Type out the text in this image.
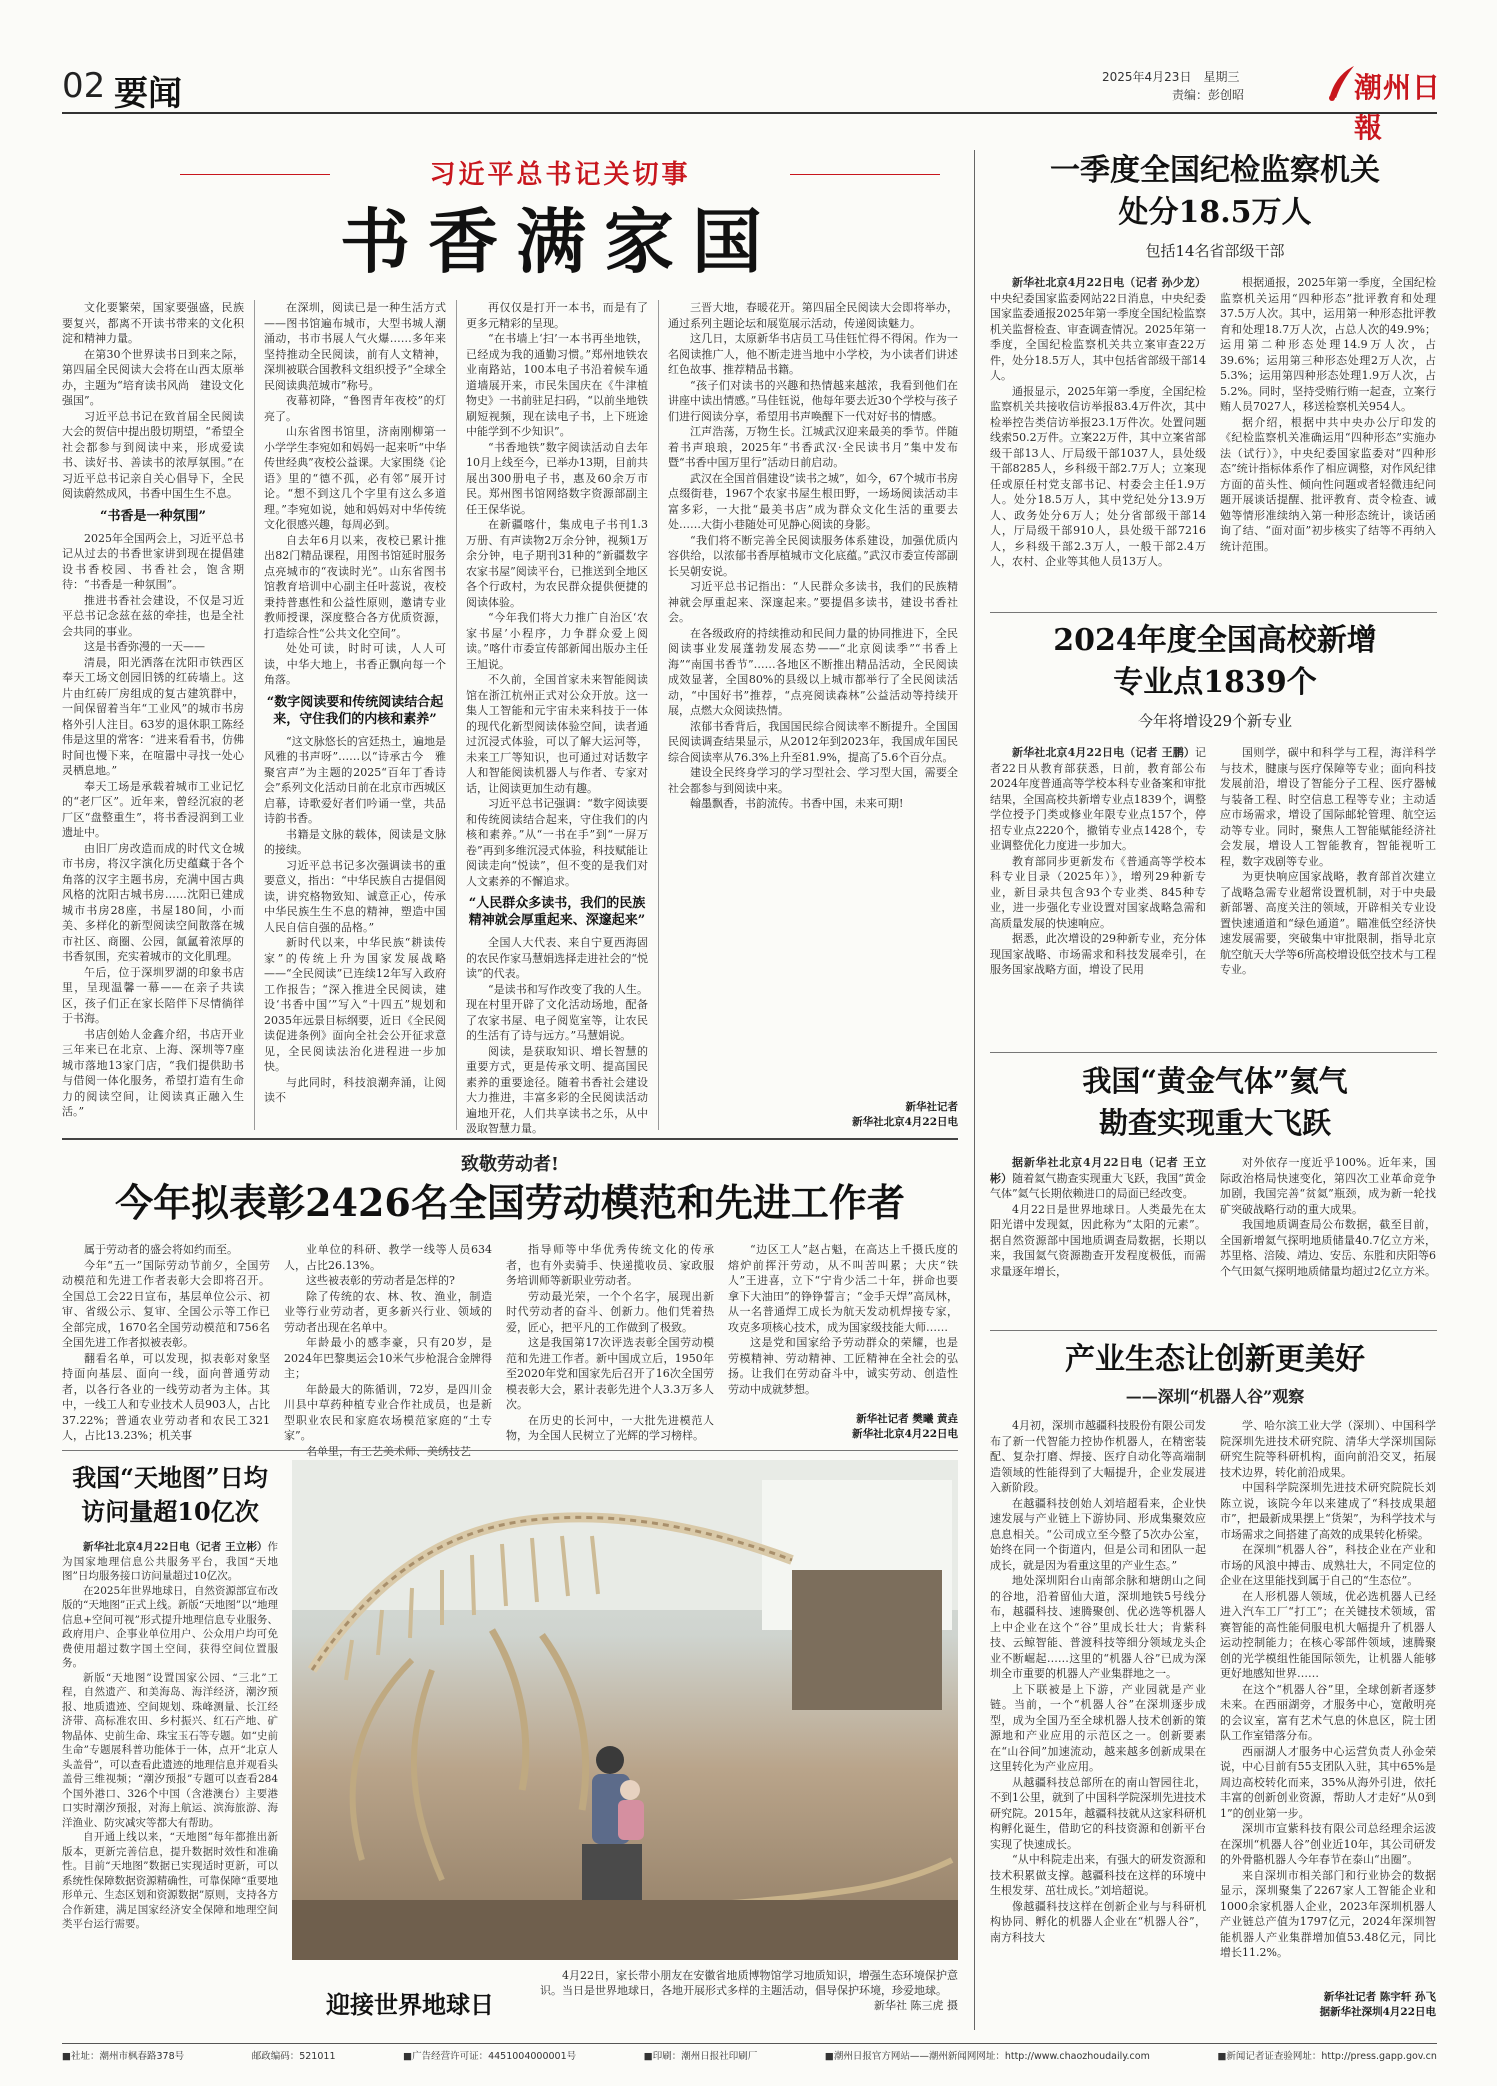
02 要闻	2025年4月23日　星期三
责编：彭创昭	潮州日報
习近平总书记关切事
书香满家国

文化要繁荣，国家要强盛，民族要复兴，都离不开读书带来的文化积淀和精神力量。

在第30个世界读书日到来之际，第四届全民阅读大会将在山西太原举办，主题为“培育读书风尚　建设文化强国”。

习近平总书记在致首届全民阅读大会的贺信中提出殷切期望，“希望全社会都参与到阅读中来，形成爱读书、读好书、善读书的浓厚氛围。”在习近平总书记亲自关心倡导下，全民阅读蔚然成风，书香中国生生不息。

“书香是一种氛围”

2025年全国两会上，习近平总书记从过去的书香世家讲到现在提倡建设书香校园、书香社会，饱含期待：“书香是一种氛围”。

推进书香社会建设，不仅是习近平总书记念兹在兹的牵挂，也是全社会共同的事业。

这是书香弥漫的一天——

清晨，阳光洒落在沈阳市铁西区奉天工场文创园旧锈的红砖墙上。这片由红砖厂房组成的复古建筑群中，一间保留着当年“工业风”的城市书房格外引人注目。63岁的退休职工陈经伟是这里的常客：“进来看看书，仿佛时间也慢下来，在喧嚣中寻找一处心灵栖息地。”

奉天工场是承载着城市工业记忆的“老厂区”。近年来，曾经沉寂的老厂区“盘整重生”，将书香浸润到工业遗址中。

由旧厂房改造而成的时代文仓城市书房，将汉字演化历史蕴藏于各个角落的汉字主题书房，充满中国古典风格的沈阳古城书房……沈阳已建成城市书房28座，书屋180间，小而美、多样化的新型阅读空间散落在城市社区、商圈、公园，氤氲着浓厚的书香氛围，充实着城市的文化肌理。

午后，位于深圳罗湖的印象书店里，呈现温馨一幕——在亲子共读区，孩子们正在家长陪伴下尽情徜徉于书海。

书店创始人金鑫介绍，书店开业三年来已在北京、上海、深圳等7座城市落地13家门店，“我们提供助书与借阅一体化服务，希望打造有生命力的阅读空间，让阅读真正融入生活。”

在深圳，阅读已是一种生活方式——图书馆遍布城市，大型书城人潮涌动，书市书展人气火爆……多年来坚持推动全民阅读，前有人文精神，深圳被联合国教科文组织授予“全球全民阅读典范城市”称号。

夜幕初降，“鲁图青年夜校”的灯亮了。

山东省图书馆里，济南刚柳第一小学学生李宛如和妈妈一起来听“中华传世经典”夜校公益课。大家围绕《论语》里的“德不孤，必有邻”展开讨论。“想不到这几个字里有这么多道理。”李宛如说，她和妈妈对中华传统文化很感兴趣，每周必到。

自去年6月以来，夜校已累计推出82门精品课程，用图书馆延时服务点亮城市的“夜读时光”。山东省图书馆教育培训中心副主任叶蕊说，夜校秉持普惠性和公益性原则，邀请专业教师授课，深度整合各方优质资源，打造综合性“公共文化空间”。

处处可读，时时可读，人人可读，中华大地上，书香正飘向每一个角落。

“数字阅读要和传统阅读结合起来，守住我们的内核和素养”

“这文脉悠长的宫廷热土，遍地是风雅的书声呀”……以“诗承古今　雅聚宫声”为主题的2025“百年丁香诗会”系列文化活动日前在北京市西城区启幕，诗歌爱好者们吟诵一堂，共品诗韵书香。

书籍是文脉的载体，阅读是文脉的接续。

习近平总书记多次强调读书的重要意义，指出：“中华民族自古提倡阅读，讲究格物致知、诚意正心，传承中华民族生生不息的精神，塑造中国人民自信自强的品格。”

新时代以来，中华民族“耕读传家”的传统上升为国家发展战略——“全民阅读”已连续12年写入政府工作报告；“深入推进全民阅读，建设‘书香中国’”写入“十四五”规划和2035年远景目标纲要，近日《全民阅读促进条例》面向全社会公开征求意见，全民阅读法治化进程进一步加快。

与此同时，科技浪潮奔涌，让阅读不

再仅仅是打开一本书，而是有了更多元精彩的呈现。

“在书墙上‘扫’一本书再坐地铁，已经成为我的通勤习惯。”郑州地铁农业南路站，100本电子书沿着候车通道墙展开来，市民朱国庆在《牛津植物史》一书前驻足扫码，“以前坐地铁刷短视频，现在读电子书，上下班途中能学到不少知识”。

“书香地铁”数字阅读活动自去年10月上线至今，已举办13期，目前共展出300册电子书，惠及60余万市民。郑州图书馆网络数字资源部副主任王保华说。

在新疆喀什，集成电子书刊1.3万册、有声读物2万余分钟，视频1万余分钟，电子期刊31种的“新疆数字农家书屋”阅读平台，已推送到全地区各个行政村，为农民群众提供便捷的阅读体验。

“今年我们将大力推广自治区‘农家书屋’小程序，力争群众爱上阅读。”喀什市委宣传部新闻出版办主任王旭说。

不久前，全国首家未来智能阅读馆在浙江杭州正式对公众开放。这一集人工智能和元宇宙未来科技于一体的现代化新型阅读体验空间，读者通过沉浸式体验，可以了解大运河等，未来工厂等知识，也可通过对话数字人和智能阅读机器人与作者、专家对话，让阅读更加生动有趣。

习近平总书记强调：“数字阅读要和传统阅读结合起来，守住我们的内核和素养。”从“一书在手”到“一屏万卷”再到多维沉浸式体验，科技赋能让阅读走向“悦读”，但不变的是我们对人文素养的不懈追求。

“人民群众多读书，我们的民族精神就会厚重起来、深邃起来”

全国人大代表、来自宁夏西海固的农民作家马慧娟选择走进社会的“悦读”的代表。

“是读书和写作改变了我的人生。现在村里开辟了文化活动场地，配备了农家书屋、电子阅览室等，让农民的生活有了诗与远方。”马慧娟说。

阅读，是获取知识、增长智慧的重要方式，更是传承文明、提高国民素养的重要途径。随着书香社会建设大力推进，丰富多彩的全民阅读活动遍地开花，人们共享读书之乐，从中汲取智慧力量。

三晋大地，春暖花开。第四届全民阅读大会即将举办，通过系列主题论坛和展览展示活动，传递阅读魅力。

这几日，太原新华书店员工马佳钰忙得不得闲。作为一名阅读推广人，他不断走进当地中小学校，为小读者们讲述红色故事、推荐精品书籍。

“孩子们对读书的兴趣和热情越来越浓，我看到他们在讲座中读出情感。”马佳钰说，他每年要去近30个学校与孩子们进行阅读分享，希望用书声唤醒下一代对好书的情感。

江声浩荡，万物生长。江城武汉迎来最美的季节。伴随着书声琅琅，2025年“书香武汉·全民读书月”集中发布暨“书香中国万里行”活动日前启动。

武汉在全国首倡建设“读书之城”，如今，67个城市书房点缀街巷，1967个农家书屋生根田野，一场场阅读活动丰富多彩，一大批“最美书店”成为群众文化生活的重要去处……大街小巷随处可见静心阅读的身影。

“我们将不断完善全民阅读服务体系建设，加强优质内容供给，以浓郁书香厚植城市文化底蕴。”武汉市委宣传部副长吴朝安说。

习近平总书记指出：“人民群众多读书，我们的民族精神就会厚重起来、深邃起来。”要提倡多读书，建设书香社会。

在各级政府的持续推动和民间力量的协同推进下，全民阅读事业发展蓬勃发展态势——“北京阅读季”“书香上海”“南国书香节”……各地区不断推出精品活动，全民阅读成效显著，全国80%的县级以上城市都举行了全民阅读活动，“中国好书”推荐，“点亮阅读森林”公益活动等持续开展，点燃大众阅读热情。

浓郁书香背后，我国国民综合阅读率不断提升。全国国民阅读调查结果显示，从2012年到2023年，我国成年国民综合阅读率从76.3%上升至81.9%，提高了5.6个百分点。

建设全民终身学习的学习型社会、学习型大国，需要全社会都参与到阅读中来。

翰墨飘香，书韵流传。书香中国，未来可期!

新华社记者
新华社北京4月22日电
一季度全国纪检监察机关
处分18.5万人
包括14名省部级干部

新华社北京4月22日电（记者 孙少龙）中央纪委国家监委网站22日消息，中央纪委国家监委通报2025年第一季度全国纪检监察机关监督检查、审查调查情况。2025年第一季度，全国纪检监察机关共立案审查22万件，处分18.5万人，其中包括省部级干部14人。

通报显示，2025年第一季度，全国纪检监察机关共接收信访举报83.4万件次，其中检举控告类信访举报23.1万件次。处置问题线索50.2万件。立案22万件，其中立案省部级干部13人、厅局级干部1037人，县处级干部8285人，乡科级干部2.7万人；立案现任或原任村党支部书记、村委会主任1.9万人。处分18.5万人，其中党纪处分13.9万人、政务处分6万人；处分省部级干部14人，厅局级干部910人，县处级干部7216人，乡科级干部2.3万人，一般干部2.4万人，农村、企业等其他人员13万人。

根据通报，2025年第一季度，全国纪检监察机关运用“四种形态”批评教育和处理37.5万人次。其中，运用第一种形态批评教育和处理18.7万人次，占总人次的49.9%；运用第二种形态处理14.9万人次，占39.6%；运用第三种形态处理2万人次，占5.3%；运用第四种形态处理1.9万人次，占5.2%。同时，坚持受贿行贿一起查，立案行贿人员7027人，移送检察机关954人。

据介绍，根据中共中央办公厅印发的《纪检监察机关准确运用“四种形态”实施办法（试行）》，中央纪委国家监委对“四种形态”统计指标体系作了相应调整，对作风纪律方面的苗头性、倾向性问题或者轻微违纪问题开展谈话提醒、批评教育、责令检查、诫勉等情形准续纳入第一种形态统计，谈话函询了结、“面对面”初步核实了结等不再纳入统计范围。

2024年度全国高校新增
专业点1839个
今年将增设29个新专业

新华社北京4月22日电（记者 王鹏）记者22日从教育部获悉，日前，教育部公布2024年度普通高等学校本科专业备案和审批结果，全国高校共新增专业点1839个，调整学位授予门类或修业年限专业点157个，停招专业点2220个，撤销专业点1428个，专业调整优化力度进一步加大。

教育部同步更新发布《普通高等学校本科专业目录（2025年）》，增列29种新专业，新目录共包含93个专业类、845种专业，进一步强化专业设置对国家战略急需和高质量发展的快速响应。

据悉，此次增设的29种新专业，充分体现国家战略、市场需求和科技发展牵引，在服务国家战略方面，增设了民用

国则学，碳中和科学与工程，海洋科学与技术，腱康与医疗保障等专业；面向科技发展前沿，增设了智能分子工程、医疗器械与装备工程、时空信息工程等专业；主动适应市场需求，增设了国际邮轮管理、航空运动等专业。同时，聚焦人工智能赋能经济社会发展，增设人工智能教育，智能视听工程，数字戏剧等专业。

为更快响应国家战略，教育部首次建立了战略急需专业超常设置机制，对于中央最新部署、高度关注的领域，开辟相关专业设置快速通道和“绿色通道”。瞄准低空经济快速发展需要，突破集中审批限制，指导北京航空航天大学等6所高校增设低空技术与工程专业。

我国“黄金气体”氦气
勘查实现重大飞跃

据新华社北京4月22日电（记者 王立彬）随着氦气勘查实现重大飞跃，我国“黄金气体”氦气长期依赖进口的局面已经改变。

4月22日是世界地球日。人类最先在太阳光谱中发现氦，因此称为“太阳的元素”。据自然资源部中国地质调查局数据，长期以来，我国氦气资源勘查开发程度极低，而需求量逐年增长，

对外依存一度近乎100%。近年来，国际政治格局快速变化，第四次工业革命竞争加剧，我国完善“贫氦”瓶颈，成为新一轮找矿突破战略行动的重大成果。

我国地质调查局公布数据，截至目前，全国新增氦气探明地质储量40.7亿立方米，苏里格、涪陵、靖边、安岳、东胜和庆阳等6个气田氦气探明地质储量均超过2亿立方米。

产业生态让创新更美好
——深圳“机器人谷”观察

4月初，深圳市越疆科技股份有限公司发布了新一代智能力控协作机器人，在精密装配、复杂打磨、焊接、医疗自动化等高端制造领域的性能得到了大幅提升，企业发展进入新阶段。

在越疆科技创始人刘培超看来，企业快速发展与产业链上下游协同、形成集聚效应息息相关。“公司成立至今整了5次办公室，始终在同一个街道内，但是公司和团队一起成长，就是因为看重这里的产业生态。”

地处深圳阳台山南部余脉和塘朗山之间的谷地，沿着留仙大道，深圳地铁5号线分布，越疆科技、速腾聚创、优必选等机器人上中企业在这个“谷”里成长壮大；肯紫科技、云鲸智能、普渡科技等细分领域龙头企业不断崛起……这里的“机器人谷”已成为深圳全市重要的机器人产业集群地之一。

上下联被是上下游，产业园就是产业链。当前，一个“机器人谷”在深圳逐步成型，成为全国乃至全球机器人技术创新的策源地和产业应用的示范区之一。创新要素在“山谷间”加速流动，越来越多创新成果在这里转化为产业应用。

从越疆科技总部所在的南山智园往北，不到1公里，就到了中国科学院深圳先进技术研究院。2015年，越疆科技就从这家科研机构孵化诞生，借助它的科技资源和创新平台实现了快速成长。

“从中科院走出来，有强大的研发资源和技术积累做支撑。越疆科技在这样的环境中生根发芽、茁壮成长。”刘培超说。

像越疆科技这样在创新企业与与科研机构协同、孵化的机器人企业在“机器人谷”，南方科技大

学、哈尔滨工业大学（深圳）、中国科学院深圳先进技术研究院、清华大学深圳国际研究生院等科研机构，面向前沿交叉，拓展技术边界，转化前沿成果。

中国科学院深圳先进技术研究院院长刘陈立说，该院今年以来建成了“科技成果超市”，把最新成果摆上“货架”，为科学技术与市场需求之间搭建了高效的成果转化桥梁。

在深圳“机器人谷”，科技企业在产业和市场的风浪中搏击、成熟壮大，不同定位的企业在这里能找到属于自己的“生态位”。

在人形机器人领域，优必选机器人已经进入汽车工厂“打工”；在关键技术领域，雷赛智能的高性能伺服电机大幅提升了机器人运动控制能力；在核心零部件领域，速腾聚创的光学模组性能国际领先，让机器人能够更好地感知世界……

在这个“机器人谷”里，全球创新者逐梦未来。在西丽湖旁，才服务中心，宽敞明亮的会议室，富有艺术气息的休息区，院士团队工作室错落分布。

西丽湖人才服务中心运营负责人孙金荣说，中心目前有55支团队入驻，其中65%是周边高校转化而来，35%从海外引进，依托丰富的创新创业资源，帮助人才走好“从0到1”的创业第一步。

深圳市宣紫科技有限公司总经理余运波在深圳“机器人谷”创业近10年，其公司研发的外骨骼机器人今年春节在泰山“出圈”。

来自深圳市相关部门和行业协会的数据显示，深圳聚集了2267家人工智能企业和1000余家机器人企业，2023年深圳机器人产业链总产值为1797亿元，2024年深圳智能机器人产业集群增加值53.48亿元，同比增长11.2%。

新华社记者 陈宇轩 孙飞
据新华社深圳4月22日电
致敬劳动者!
今年拟表彰2426名全国劳动模范和先进工作者

属于劳动者的盛会将如约而至。

今年“五一”国际劳动节前夕，全国劳动模范和先进工作者表彰大会即将召开。全国总工会22日宣布，基层单位公示、初审、省级公示、复审、全国公示等工作已全部完成，1670名全国劳动模范和756名全国先进工作者拟被表彰。

翻看名单，可以发现，拟表彰对象坚持面向基层、面向一线，面向普通劳动者，以各行各业的一线劳动者为主体。其中，一线工人和专业技术人员903人，占比37.22%；普通农业劳动者和农民工321人，占比13.23%；机关事

业单位的科研、教学一线等人员634人，占比26.13%。

这些被表彰的劳动者是怎样的?

除了传统的农、林、牧、渔业，制造业等行业劳动者，更多新兴行业、领域的劳动者出现在名单中。

年龄最小的感李豪，只有20岁，是2024年巴黎奥运会10米气步枪混合金牌得主；

年龄最大的陈循训，72岁，是四川金川县中草药种植专业合作社成员，也是新型职业农民和家庭农场模范家庭的“土专家”。

名单里，有工艺美术师、美绣技艺

指导师等中华优秀传统文化的传承者，也有外卖骑手、快递揽收员、家政服务培训师等新职业劳动者。

劳动最光荣，一个个名字，展现出新时代劳动者的奋斗、创新力。他们凭着热爱，匠心，把平凡的工作做到了极致。

这是我国第17次评选表彰全国劳动模范和先进工作者。新中国成立后，1950年至2020年党和国家先后召开了16次全国劳模表彰大会，累计表彰先进个人3.3万多人次。

在历史的长河中，一大批先进模范人物，为全国人民树立了光辉的学习榜样。

“边区工人”赵占魁，在高达上千摄氏度的熔炉前挥汗劳动，从不叫苦叫累；大庆“铁人”王进喜，立下“宁肯少活二十年，拼命也要拿下大油田”的铮铮誓言；“金手天焊”高凤林，从一名普通焊工成长为航天发动机焊接专家，攻克多项核心技术，成为国家级技能大师……

这是党和国家给予劳动群众的荣耀，也是劳模精神、劳动精神、工匠精神在全社会的弘扬。让我们在劳动奋斗中，诚实劳动、创造性劳动中成就梦想。

新华社记者 樊曦 黄垚
新华社北京4月22日电
我国“天地图”日均
访问量超10亿次

新华社北京4月22日电（记者 王立彬）作为国家地理信息公共服务平台，我国“天地图”日均服务接口访问量超过10亿次。

在2025年世界地球日，自然资源部宣布改版的“天地图”正式上线。新版“天地图”以“地理信息+空间可视”形式提升地理信息专业服务、政府用户、企事业单位用户、公众用户均可免费使用超过数字国土空间，获得空间位置服务。

新版“天地图”设置国家公园、“三北”工程，自然遗产、和美海岛、海洋经济，潮汐预报、地质遗迹、空间规划、珠峰测量、长江经济带、高标准农田、乡村振兴、红石产地、矿物晶体、史前生命、珠宝玉石等专题。如“史前生命”专题展科普功能体于一体，点开“北京人头盖骨”，可以查看此遗迹的地理信息并观看头盖骨三维视频；“潮汐预报”专题可以查看284个国外港口、326个中国（含港澳台）主要港口实时潮汐预报，对海上航运、滨海旅游、海洋渔业、防灾减灾等都大有帮助。

自开通上线以来，“天地图”每年都推出新版本，更新完善信息，提升数据时效性和准确性。目前“天地图”数据已实现适时更新，可以系统性保障数据资源精确性，可靠保障“重要地形单元、生态区划和资源数据”原则，支持各方合作新建，满足国家经济安全保障和地理空间类平台运行需要。

迎接世界地球日

4月22日，家长带小朋友在安徽省地质博物馆学习地质知识，增强生态环境保护意识。当日是世界地球日，各地开展形式多样的主题活动，倡导保护环境，珍爱地球。

新华社 陈三虎 摄
■社址：潮州市枫春路378号	邮政编码：521011	■广告经营许可证：4451004000001号	■印刷：潮州日报社印刷厂	■潮州日报官方网站——潮州新闻网网址：http://www.chaozhoudaily.com	■新闻记者证查验网址：http://press.gapp.gov.cn
